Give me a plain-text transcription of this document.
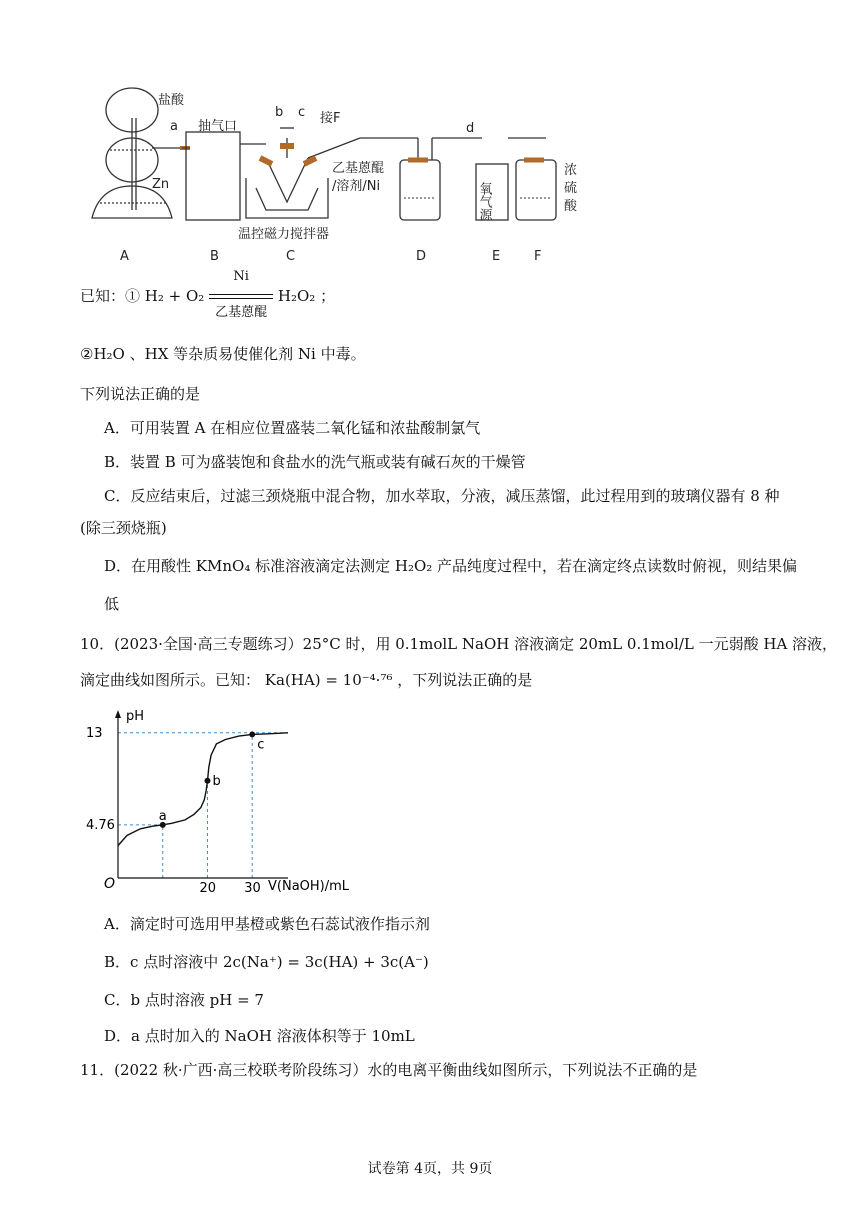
盐酸
Zn
a 抽气口
b c 接F
乙基蒽醌
/溶剂/Ni
温控磁力搅拌器
d
氧气源
浓
硫
酸
A	B	C	D	E	F
已知：① H₂ + O₂
Ni
乙基蒽醌
H₂O₂ ；
②H₂O 、HX 等杂质易使催化剂 Ni 中毒。
下列说法正确的是
A．可用装置 A 在相应位置盛装二氧化锰和浓盐酸制氯气
B．装置 B 可为盛装饱和食盐水的洗气瓶或装有碱石灰的干燥管
C．反应结束后，过滤三颈烧瓶中混合物，加水萃取，分液，减压蒸馏，此过程用到的玻璃仪器有 8 种
(除三颈烧瓶)
D．在用酸性 KMnO₄ 标准溶液滴定法测定 H₂O₂ 产品纯度过程中，若在滴定终点读数时俯视，则结果偏
低
10．(2023·全国·高三专题练习）25°C 时，用 0.1molL NaOH 溶液滴定 20mL 0.1mol/L 一元弱酸 HA 溶液，
滴定曲线如图所示。已知： Ka(HA) = 10⁻⁴·⁷⁶ ，下列说法正确的是
a
b
c
20 30
4.76
13
pH
O	V(NaOH)/mL
A．滴定时可选用甲基橙或紫色石蕊试液作指示剂
B．c 点时溶液中 2c(Na⁺) = 3c(HA) + 3c(A⁻)
C．b 点时溶液 pH = 7
D．a 点时加入的 NaOH 溶液体积等于 10mL
11．(2022 秋·广西·高三校联考阶段练习）水的电离平衡曲线如图所示，下列说法不正确的是
试卷第 4页，共 9页
